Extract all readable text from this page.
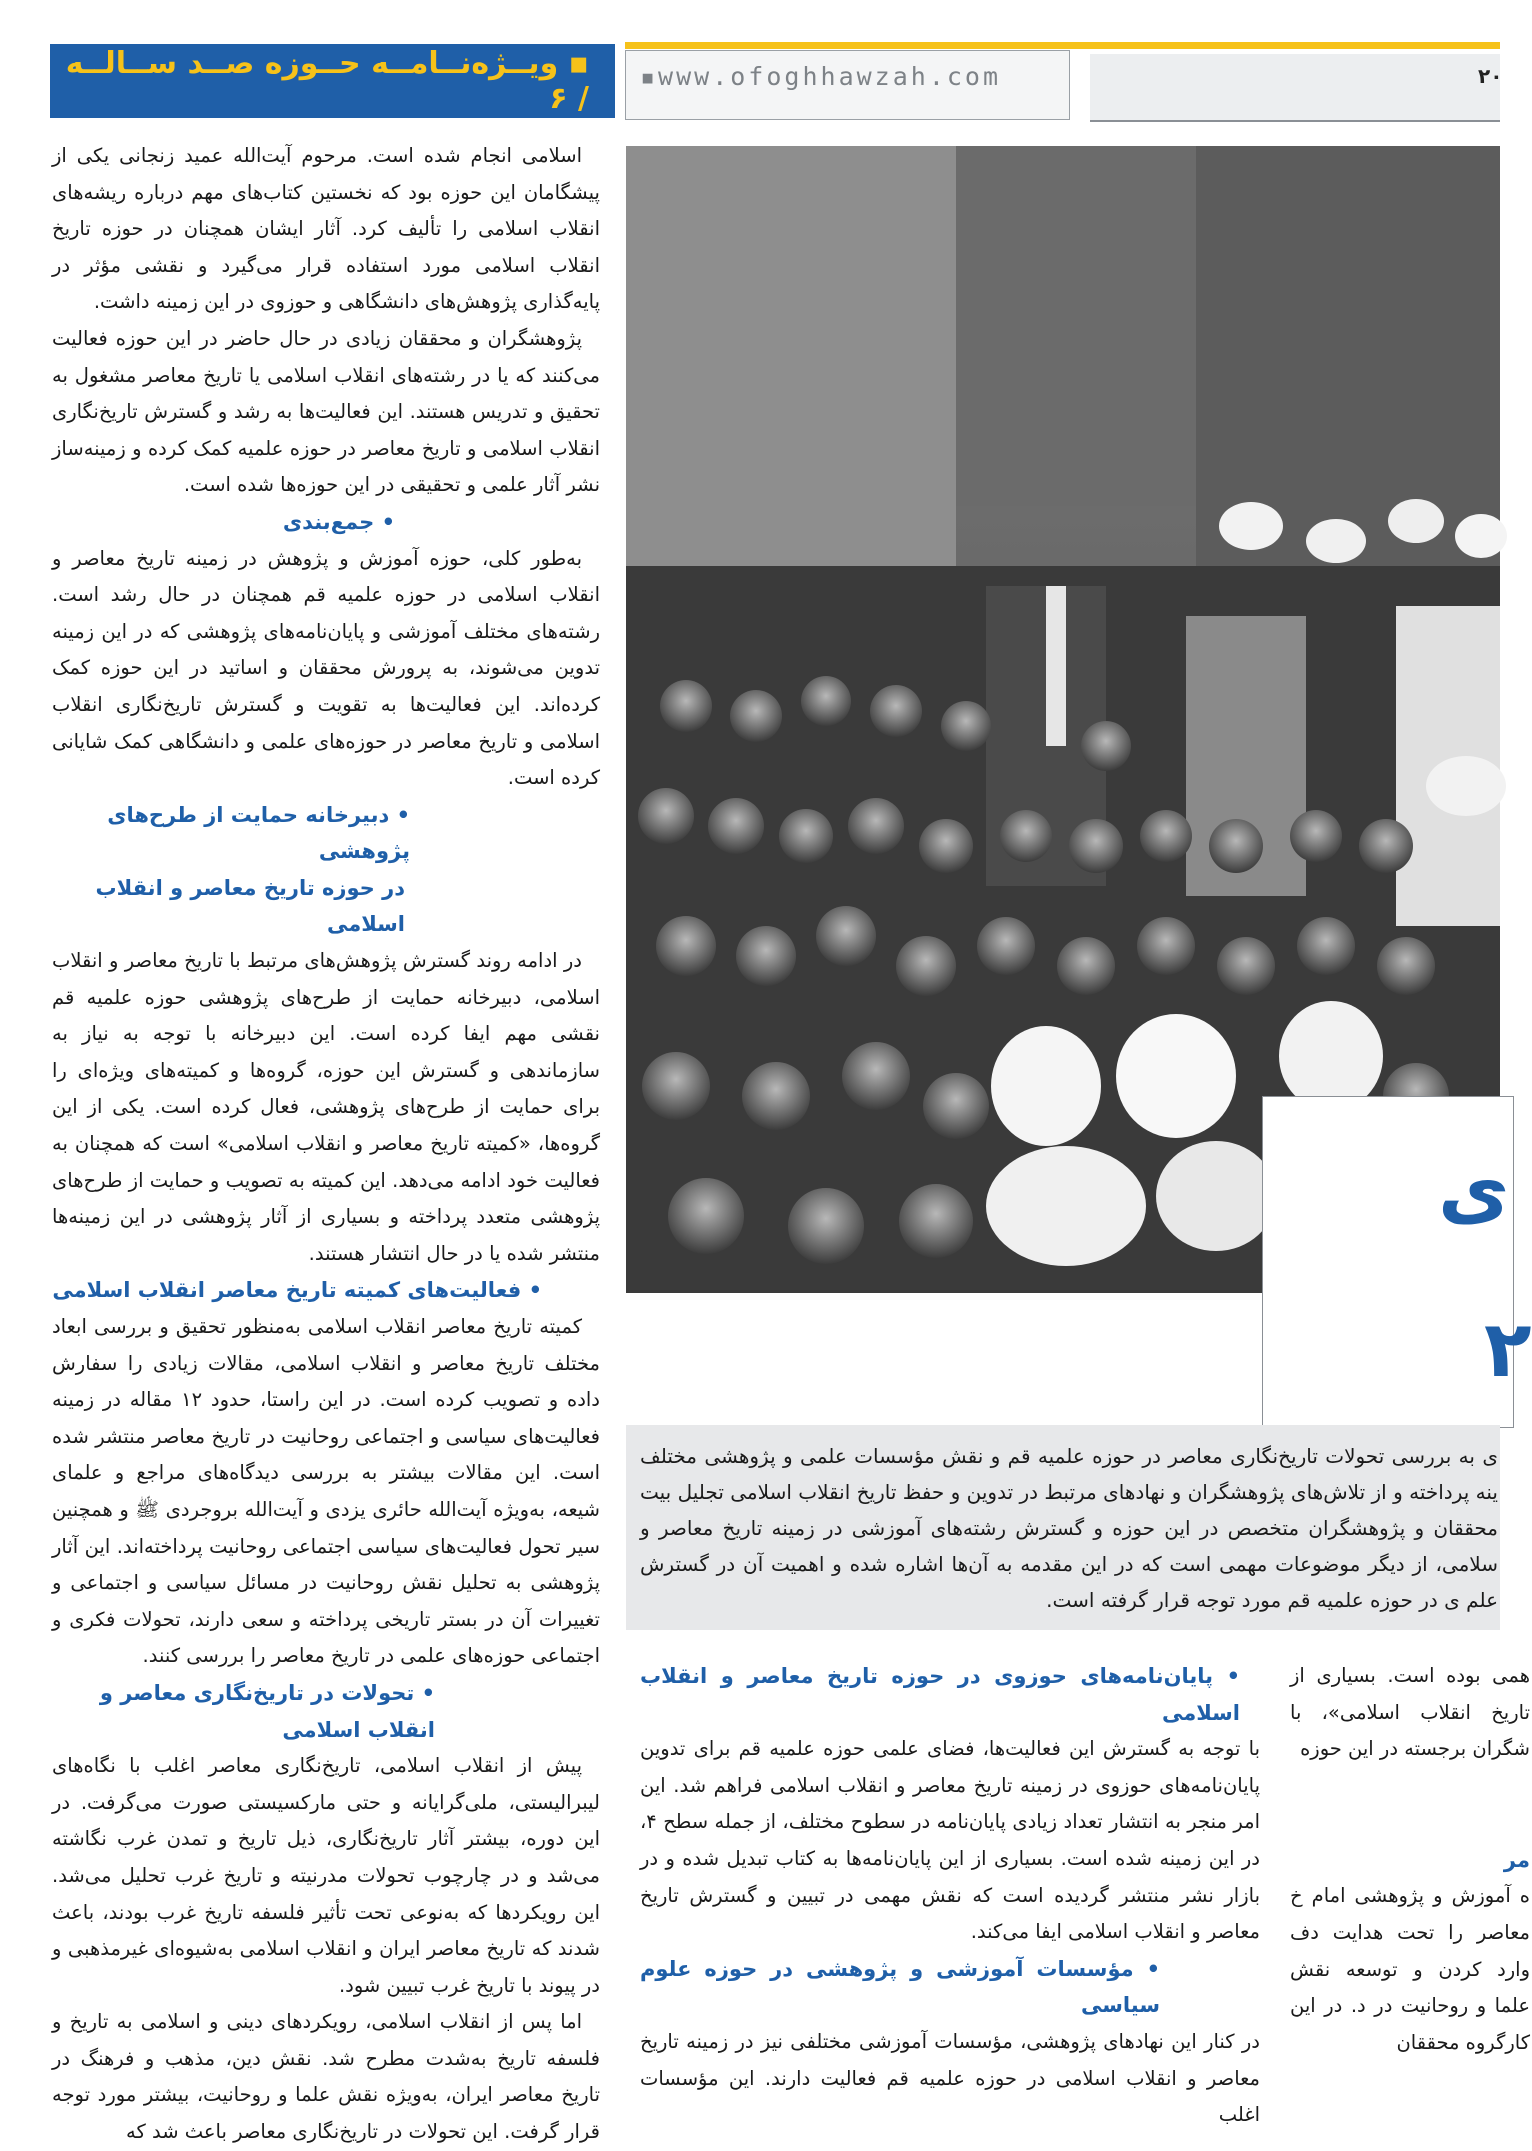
▪ ویــژه‌نــامــه حــوزه صــد ســالــه / ۶
▪www.ofoghhawzah.com	۲۰

اسلامی انجام شده است. مرحوم آیت‌الله عمید زنجانی یکی از پیشگامان این حوزه بود که نخستین کتاب‌های مهم درباره ریشه‌های انقلاب اسلامی را تألیف کرد. آثار ایشان همچنان در حوزه تاریخ انقلاب اسلامی مورد استفاده قرار می‌گیرد و نقشی مؤثر در پایه‌گذاری پژوهش‌های دانشگاهی و حوزوی در این زمینه داشت.

پژوهشگران و محققان زیادی در حال حاضر در این حوزه فعالیت می‌کنند که یا در رشته‌های انقلاب اسلامی یا تاریخ معاصر مشغول به تحقیق و تدریس هستند. این فعالیت‌ها به رشد و گسترش تاریخ‌نگاری انقلاب اسلامی و تاریخ معاصر در حوزه علمیه کمک کرده و زمینه‌ساز نشر آثار علمی و تحقیقی در این حوزه‌ها شده است.

• جمع‌بندی

به‌طور کلی، حوزه آموزش و پژوهش در زمینه تاریخ معاصر و انقلاب اسلامی در حوزه علمیه قم همچنان در حال رشد است. رشته‌های مختلف آموزشی و پایان‌نامه‌های پژوهشی که در این زمینه تدوین می‌شوند، به پرورش محققان و اساتید در این حوزه کمک کرده‌اند. این فعالیت‌ها به تقویت و گسترش تاریخ‌نگاری انقلاب اسلامی و تاریخ معاصر در حوزه‌های علمی و دانشگاهی کمک شایانی کرده است.

• دبیرخانه حمایت از طرح‌های پژوهشی
در حوزه تاریخ معاصر و انقلاب اسلامی

در ادامه روند گسترش پژوهش‌های مرتبط با تاریخ معاصر و انقلاب اسلامی، دبیرخانه حمایت از طرح‌های پژوهشی حوزه علمیه قم نقشی مهم ایفا کرده است. این دبیرخانه با توجه به نیاز به سازماندهی و گسترش این حوزه، گروه‌ها و کمیته‌های ویژه‌ای را برای حمایت از طرح‌های پژوهشی، فعال کرده است. یکی از این گروه‌ها، «کمیته تاریخ معاصر و انقلاب اسلامی» است که همچنان به فعالیت خود ادامه می‌دهد. این کمیته به تصویب و حمایت از طرح‌های پژوهشی متعدد پرداخته و بسیاری از آثار پژوهشی در این زمینه‌ها منتشر شده یا در حال انتشار هستند.

• فعالیت‌های کمیته تاریخ معاصر انقلاب اسلامی

کمیته تاریخ معاصر انقلاب اسلامی به‌منظور تحقیق و بررسی ابعاد مختلف تاریخ معاصر و انقلاب اسلامی، مقالات زیادی را سفارش داده و تصویب کرده است. در این راستا، حدود ۱۲ مقاله در زمینه فعالیت‌های سیاسی و اجتماعی روحانیت در تاریخ معاصر منتشر شده است. این مقالات بیشتر به بررسی دیدگاه‌های مراجع و علمای شیعه، به‌ویژه آیت‌الله حائری یزدی و آیت‌الله بروجردی ﷺ و همچنین سیر تحول فعالیت‌های سیاسی اجتماعی روحانیت پرداخته‌اند. این آثار پژوهشی به تحلیل نقش روحانیت در مسائل سیاسی و اجتماعی و تغییرات آن در بستر تاریخی پرداخته و سعی دارند، تحولات فکری و اجتماعی حوزه‌های علمی در تاریخ معاصر را بررسی کنند.

• تحولات در تاریخ‌نگاری معاصر و انقلاب اسلامی

پیش از انقلاب اسلامی، تاریخ‌نگاری معاصر اغلب با نگاه‌های لیبرالیستی، ملی‌گرایانه و حتی مارکسیستی صورت می‌گرفت. در این دوره، بیشتر آثار تاریخ‌نگاری، ذیل تاریخ و تمدن غرب نگاشته می‌شد و در چارچوب تحولات مدرنیته و تاریخ غرب تحلیل می‌شد. این رویکردها که به‌نوعی تحت تأثیر فلسفه تاریخ غرب بودند، باعث شدند که تاریخ معاصر ایران و انقلاب اسلامی به‌شیوه‌ای غیرمذهبی و در پیوند با تاریخ غرب تبیین شود.

اما پس از انقلاب اسلامی، رویکردهای دینی و اسلامی به تاریخ و فلسفه تاریخ به‌شدت مطرح شد. نقش دین، مذهب و فرهنگ در تاریخ معاصر ایران، به‌ویژه نقش علما و روحانیت، بیشتر مورد توجه قرار گرفت. این تحولات در تاریخ‌نگاری معاصر باعث شد که

ی
۲
ی به بررسی تحولات تاریخ‌نگاری معاصر در حوزه علمیه قم و نقش مؤسسات علمی و پژوهشی مختلف ینه پرداخته و از تلاش‌های پژوهشگران و نهادهای مرتبط در تدوین و حفظ تاریخ انقلاب اسلامی تجلیل بیت محققان و پژوهشگران متخصص در این حوزه و گسترش رشته‌های آموزشی در زمینه تاریخ معاصر و سلامی، از دیگر موضوعات مهمی است که در این مقدمه به آن‌ها اشاره شده و اهمیت آن در گسترش علم ی در حوزه علمیه قم مورد توجه قرار گرفته است.
• پایان‌نامه‌های حوزوی در حوزه تاریخ معاصر و انقلاب اسلامی

با توجه به گسترش این فعالیت‌ها، فضای علمی حوزه علمیه قم برای تدوین پایان‌نامه‌های حوزوی در زمینه تاریخ معاصر و انقلاب اسلامی فراهم شد. این امر منجر به انتشار تعداد زیادی پایان‌نامه در سطوح مختلف، از جمله سطح ۴، در این زمینه شده است. بسیاری از این پایان‌نامه‌ها به کتاب تبدیل شده و در بازار نشر منتشر گردیده است که نقش مهمی در تبیین و گسترش تاریخ معاصر و انقلاب اسلامی ایفا می‌کند.

• مؤسسات آموزشی و پژوهشی در حوزه علوم سیاسی

در کنار این نهادهای پژوهشی، مؤسسات آموزشی مختلفی نیز در زمینه تاریخ معاصر و انقلاب اسلامی در حوزه علمیه قم فعالیت دارند. این مؤسسات اغلب

همی بوده است. بسیاری از تاریخ انقلاب اسلامی»، با شگران برجسته در این حوزه

مر

ه آموزش و پژوهشی امام خ معاصر را تحت هدایت دف وارد کردن و توسعه نقش علما و روحانیت در د. در این کارگروه محققان
